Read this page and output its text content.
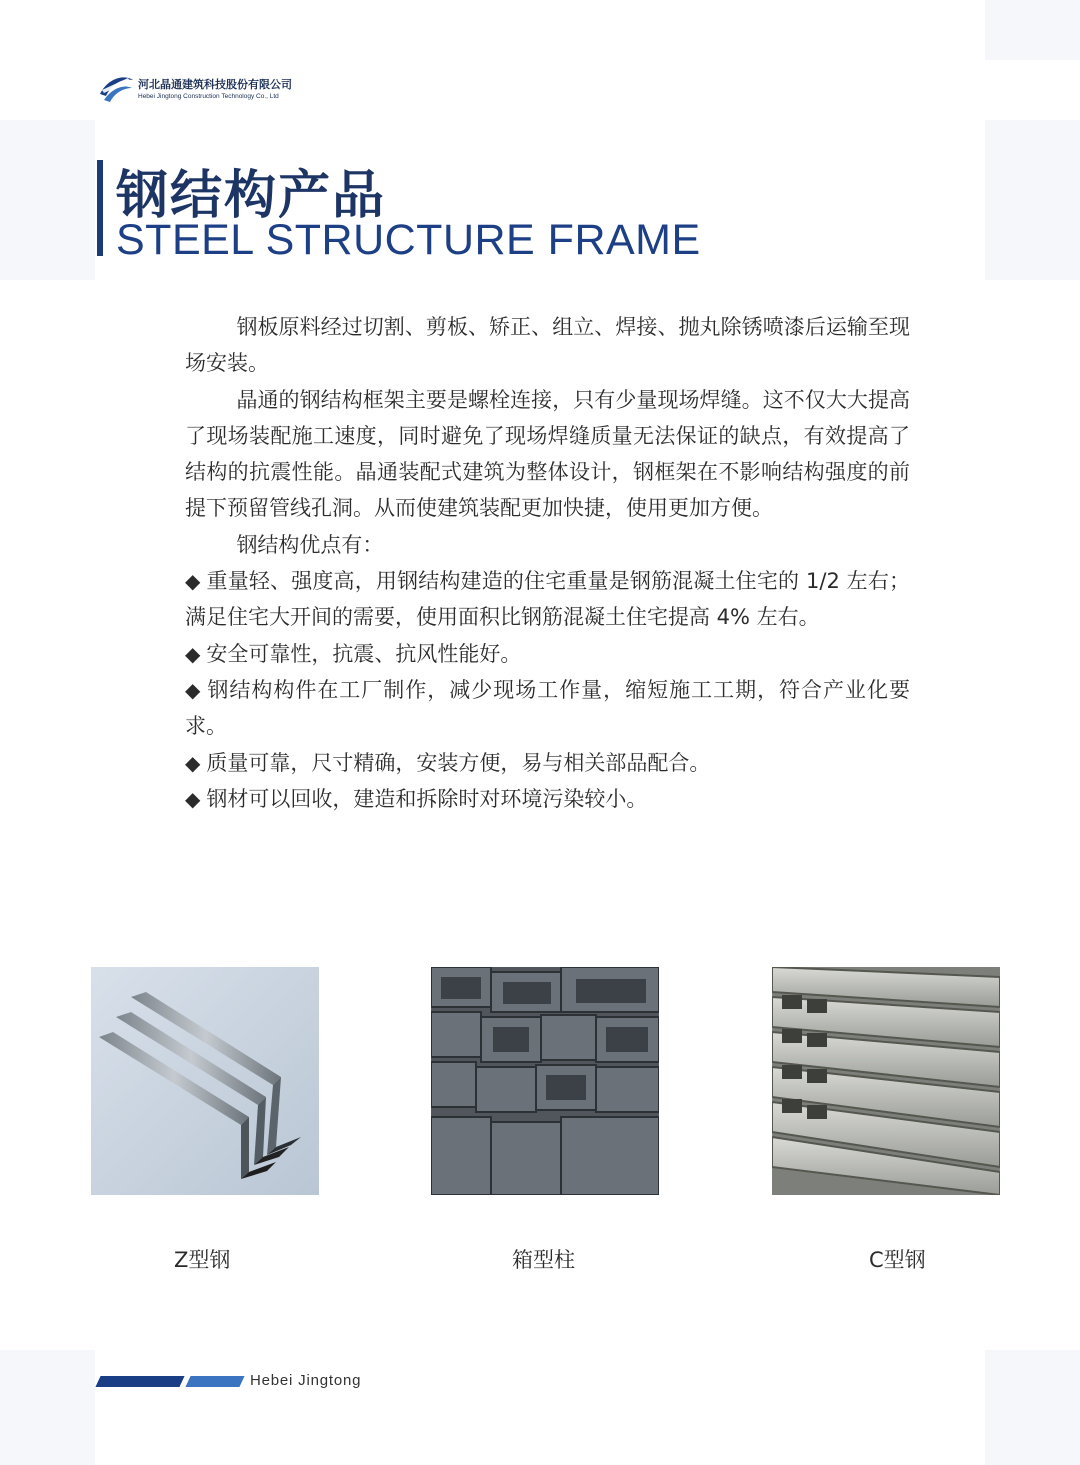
河北晶通建筑科技股份有限公司
Hebei Jingtong Construction Technology Co., Ltd
钢结构产品
STEEL STRUCTURE FRAME

钢板原料经过切割、剪板、矫正、组立、焊接、抛丸除锈喷漆后运输至现场安装。

晶通的钢结构框架主要是螺栓连接，只有少量现场焊缝。这不仅大大提高了现场装配施工速度，同时避免了现场焊缝质量无法保证的缺点，有效提高了结构的抗震性能。晶通装配式建筑为整体设计，钢框架在不影响结构强度的前提下预留管线孔洞。从而使建筑装配更加快捷，使用更加方便。

钢结构优点有：

◆ 重量轻、强度高，用钢结构建造的住宅重量是钢筋混凝土住宅的 1/2 左右；满足住宅大开间的需要，使用面积比钢筋混凝土住宅提高 4% 左右。

◆ 安全可靠性，抗震、抗风性能好。

◆ 钢结构构件在工厂制作，减少现场工作量，缩短施工工期，符合产业化要求。

◆ 质量可靠，尺寸精确，安装方便，易与相关部品配合。

◆ 钢材可以回收，建造和拆除时对环境污染较小。

Z型钢	箱型柱	C型钢
Hebei Jingtong
